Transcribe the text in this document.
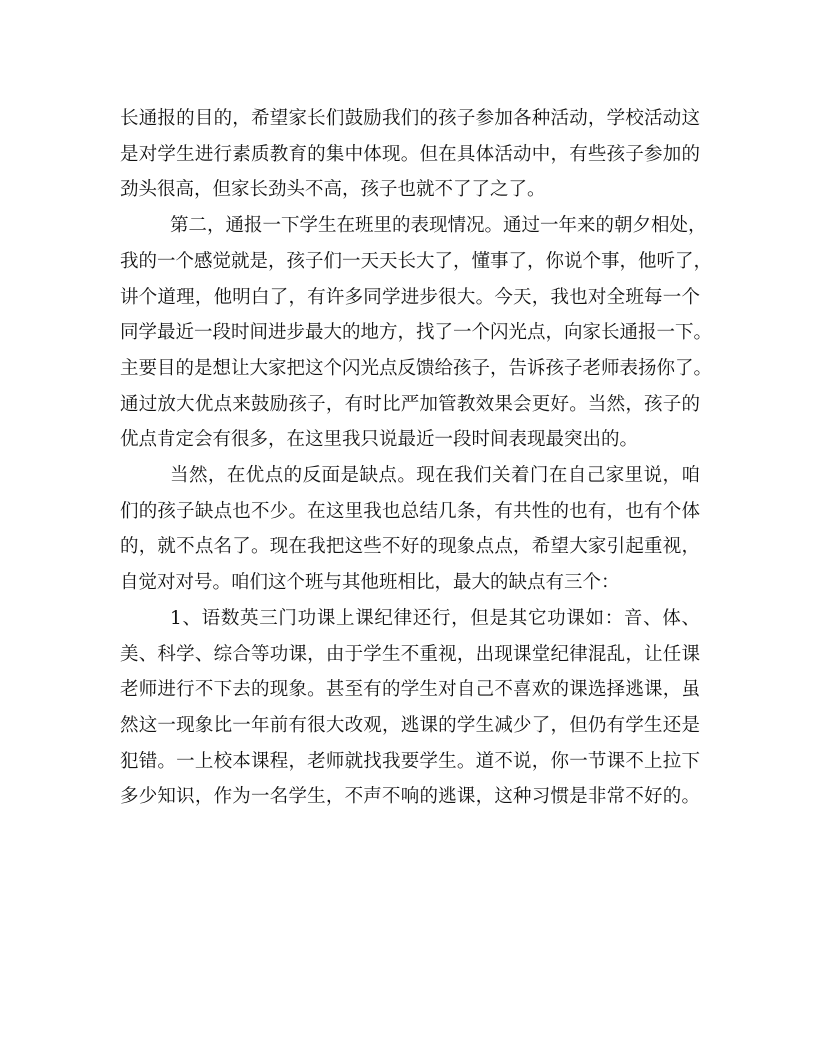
长通报的目的，希望家长们鼓励我们的孩子参加各种活动，学校活动这
是对学生进行素质教育的集中体现。但在具体活动中，有些孩子参加的
劲头很高，但家长劲头不高，孩子也就不了了之了。

第二，通报一下学生在班里的表现情况。通过一年来的朝夕相处，
我的一个感觉就是，孩子们一天天长大了，懂事了，你说个事，他听了，
讲个道理，他明白了，有许多同学进步很大。今天，我也对全班每一个
同学最近一段时间进步最大的地方，找了一个闪光点，向家长通报一下。
主要目的是想让大家把这个闪光点反馈给孩子，告诉孩子老师表扬你了。
通过放大优点来鼓励孩子，有时比严加管教效果会更好。当然，孩子的
优点肯定会有很多，在这里我只说最近一段时间表现最突出的。

当然，在优点的反面是缺点。现在我们关着门在自己家里说，咱
们的孩子缺点也不少。在这里我也总结几条，有共性的也有，也有个体
的，就不点名了。现在我把这些不好的现象点点，希望大家引起重视，
自觉对对号。咱们这个班与其他班相比，最大的缺点有三个：

1、语数英三门功课上课纪律还行，但是其它功课如：音、体、
美、科学、综合等功课，由于学生不重视，出现课堂纪律混乱，让任课
老师进行不下去的现象。甚至有的学生对自己不喜欢的课选择逃课，虽
然这一现象比一年前有很大改观，逃课的学生减少了，但仍有学生还是
犯错。一上校本课程，老师就找我要学生。道不说，你一节课不上拉下
多少知识，作为一名学生，不声不响的逃课，这种习惯是非常不好的。
